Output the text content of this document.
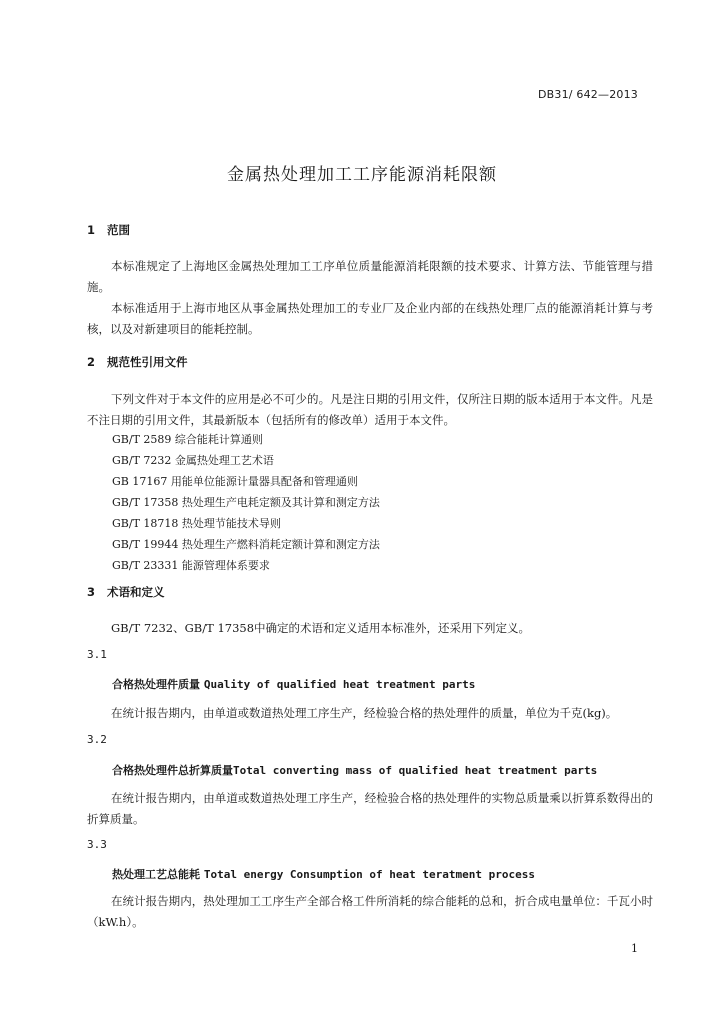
DB31/ 642—2013
金属热处理加工工序能源消耗限额
1 范围
本标准规定了上海地区金属热处理加工工序单位质量能源消耗限额的技术要求、计算方法、节能管理与措施。
本标准适用于上海市地区从事金属热处理加工的专业厂及企业内部的在线热处理厂点的能源消耗计算与考核，以及对新建项目的能耗控制。
2 规范性引用文件
下列文件对于本文件的应用是必不可少的。凡是注日期的引用文件，仅所注日期的版本适用于本文件。凡是不注日期的引用文件，其最新版本（包括所有的修改单）适用于本文件。
GB/T 2589 综合能耗计算通则
GB/T 7232 金属热处理工艺术语
GB 17167 用能单位能源计量器具配备和管理通则
GB/T 17358 热处理生产电耗定额及其计算和测定方法
GB/T 18718 热处理节能技术导则
GB/T 19944 热处理生产燃料消耗定额计算和测定方法
GB/T 23331 能源管理体系要求
3 术语和定义
GB/T 7232、GB/T 17358中确定的术语和定义适用本标准外，还采用下列定义。
3.1
合格热处理件质量 Quality of qualified heat treatment parts
在统计报告期内，由单道或数道热处理工序生产，经检验合格的热处理件的质量，单位为千克(kg)。
3.2
合格热处理件总折算质量Total converting mass of qualified heat treatment parts
在统计报告期内，由单道或数道热处理工序生产，经检验合格的热处理件的实物总质量乘以折算系数得出的折算质量。
3.3
热处理工艺总能耗 Total energy Consumption of heat teratment process
在统计报告期内，热处理加工工序生产全部合格工件所消耗的综合能耗的总和，折合成电量单位：千瓦小时（kW.h）。
1
